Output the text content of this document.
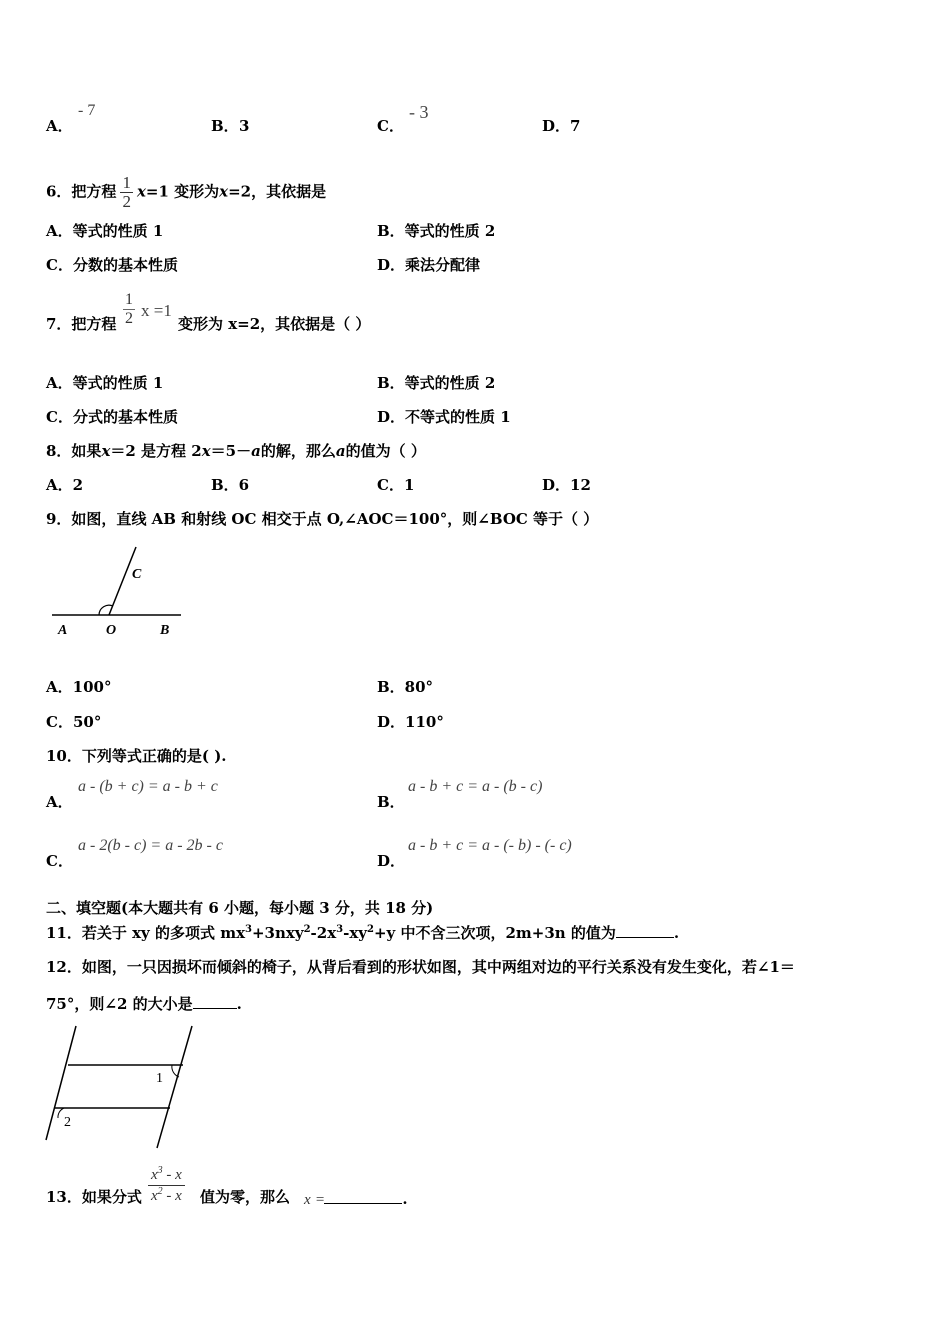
A．
- 7
B． 3	C．
- 3
D． 7
6．把方程 $\frac{1}{2} x=1$ 变形为x=2，其依据是
A．等式的性质 1	B．等式的性质 2
C．分数的基本性质	D．乘法分配律
7．把方程 $\frac{1}{2}$ x =1
变形为 x=2，其依据是（ ）
A．等式的性质 1	B．等式的性质 2
C．分式的基本性质	D．不等式的性质 1
8．如果x＝2 是方程 2x＝5－a的解，那么a的值为（ ）
A．2	B．6	C．1	D．12
9．如图，直线 AB 和射线 OC 相交于点 O,∠AOC＝100°，则∠BOC 等于（ ）
A	O	B
C
A．100°	B．80°
C．50°	D．110°
10．下列等式正确的是( ).
A．
a - (b + c) = a - b + c
B．
a - b + c = a - (b - c)
C．
a - 2(b - c) = a - 2b - c
D．
a - b + c = a - (- b) - (- c)
二、填空题(本大题共有 6 小题，每小题 3 分，共 18 分)
11．若关于 xy 的多项式 $mx^3+3nxy^2-2x^3-xy^2+y$ 中不含三次项，2m+3n 的值为	.
12．如图，一只因损坏而倾斜的椅子，从背后看到的形状如图，其中两组对边的平行关系没有发生变化，若∠1＝
75°，则∠2 的大小是	.
1
2
13．如果分式 $\frac{x^3 - x}{x^2 - x}$ 值为零，那么 x =	.
